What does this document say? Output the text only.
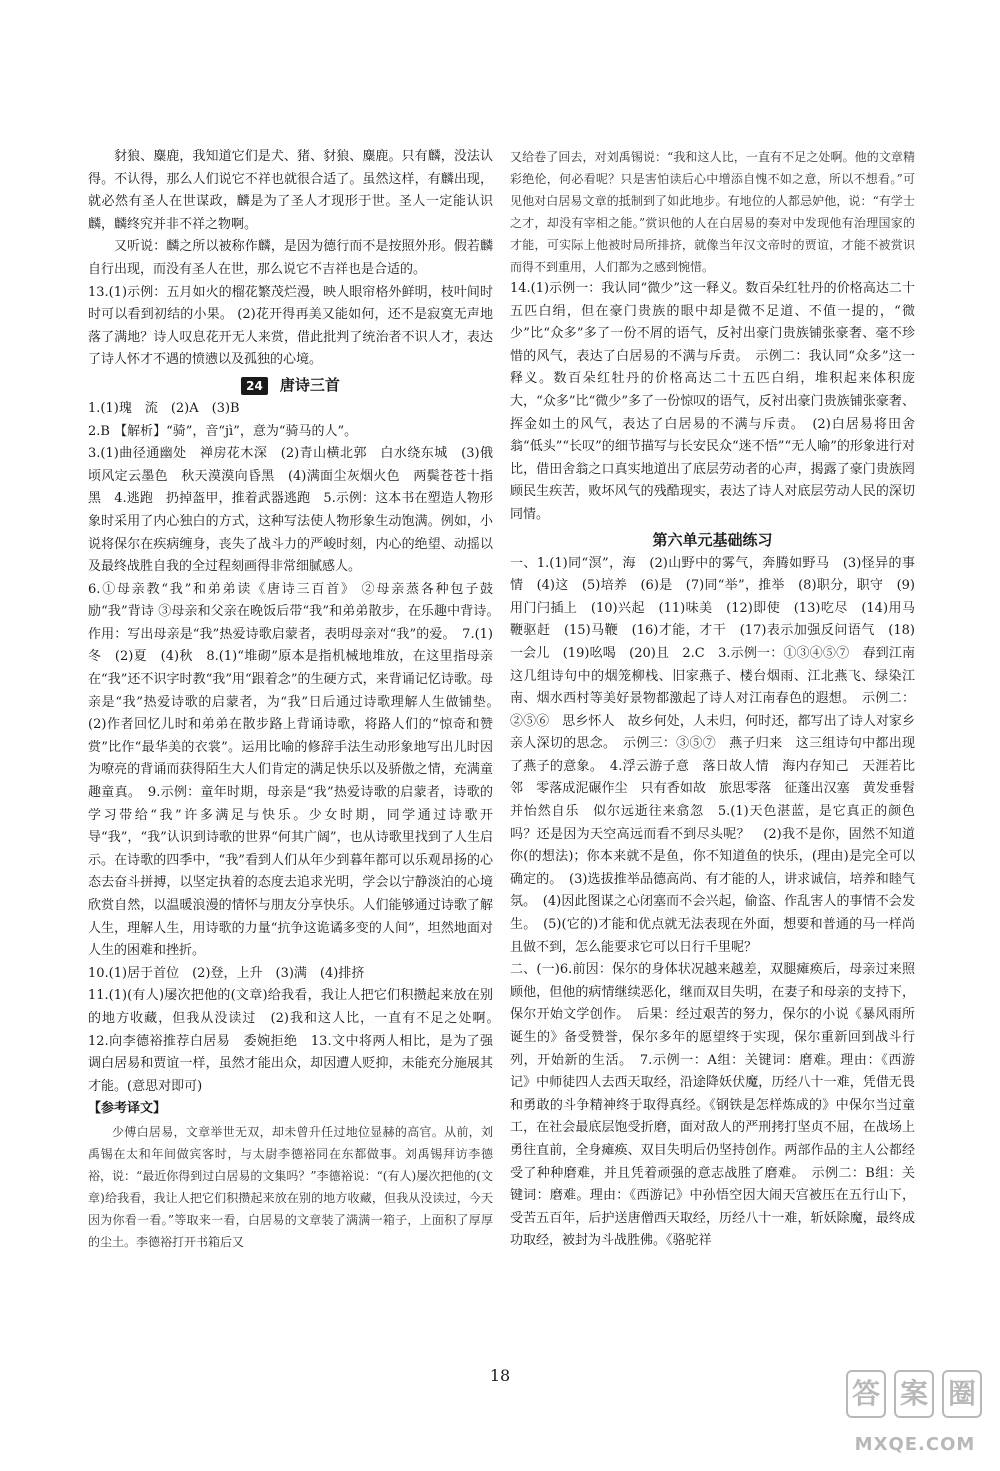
豺狼、麋鹿，我知道它们是犬、猪、豺狼、麋鹿。只有麟，没法认得。不认得，那么人们说它不祥也就很合适了。虽然这样，有麟出现，就必然有圣人在世谋政，麟是为了圣人才现形于世。圣人一定能认识麟，麟终究并非不祥之物啊。

又听说：麟之所以被称作麟，是因为德行而不是按照外形。假若麟自行出现，而没有圣人在世，那么说它不吉祥也是合适的。

13.(1)示例：五月如火的榴花繁茂烂漫，映人眼帘格外鲜明，枝叶间时时可以看到初结的小果。 (2)花开得再美又能如何，还不是寂寞无声地落了满地？诗人叹息花开无人来赏，借此批判了统治者不识人才，表达了诗人怀才不遇的愤懑以及孤独的心境。

24 唐诗三首

1.(1)瑰　流　(2)A　(3)B

2.B 【解析】“骑”，音“jì”，意为“骑马的人”。

3.(1)曲径通幽处　禅房花木深　(2)青山横北郭　白水绕东城　(3)俄顷风定云墨色　秋天漠漠向昏黑　(4)满面尘灰烟火色　两鬓苍苍十指黑　4.逃跑　扔掉盔甲，推着武器逃跑　5.示例：这本书在塑造人物形象时采用了内心独白的方式，这种写法使人物形象生动饱满。例如，小说将保尔在疾病缠身，丧失了战斗力的严峻时刻，内心的绝望、动摇以及最终战胜自我的全过程刻画得非常细腻感人。

6.①母亲教“我”和弟弟读《唐诗三百首》 ②母亲蒸各种包子鼓励“我”背诗 ③母亲和父亲在晚饭后带“我”和弟弟散步，在乐趣中背诗。　作用：写出母亲是“我”热爱诗歌启蒙者，表明母亲对“我”的爱。　7.(1)冬　(2)夏　(4)秋　8.(1)“堆砌”原本是指机械地堆放，在这里指母亲在“我”还不识字时教“我”用“跟着念”的生硬方式，来背诵记忆诗歌。母亲是“我”热爱诗歌的启蒙者，为“我”日后通过诗歌理解人生做铺垫。　(2)作者回忆儿时和弟弟在散步路上背诵诗歌，将路人们的“惊奇和赞赏”比作“最华美的衣裳”。运用比喻的修辞手法生动形象地写出儿时因为嘹亮的背诵而获得陌生大人们肯定的满足快乐以及骄傲之情，充满童趣童真。　9.示例：童年时期，母亲是“我”热爱诗歌的启蒙者，诗歌的学习带给“我”许多满足与快乐。少女时期，同学通过诗歌开导“我”，“我”认识到诗歌的世界“何其广阔”，也从诗歌里找到了人生启示。在诗歌的四季中，“我”看到人们从年少到暮年都可以乐观昂扬的心态去奋斗拼搏，以坚定执着的态度去追求光明，学会以宁静淡泊的心境欣赏自然，以温暖浪漫的情怀与朋友分享快乐。人们能够通过诗歌了解人生，理解人生，用诗歌的力量“抗争这诡谲多变的人间”，坦然地面对人生的困难和挫折。

10.(1)居于首位　(2)登，上升　(3)满　(4)排挤

11.(1)(有人)屡次把他的(文章)给我看，我让人把它们积攒起来放在别的地方收藏，但我从没读过　(2)我和这人比，一直有不足之处啊。　12.向李德裕推荐白居易　委婉拒绝　13.文中将两人相比，是为了强调白居易和贾谊一样，虽然才能出众，却因遭人贬抑，未能充分施展其才能。(意思对即可)

【参考译文】

少傅白居易，文章举世无双，却未曾升任过地位显赫的高官。从前，刘禹锡在太和年间做宾客时，与太尉李德裕同在东都做事。刘禹锡拜访李德裕，说：“最近你得到过白居易的文集吗？”李德裕说：“(有人)屡次把他的(文章)给我看，我让人把它们积攒起来放在别的地方收藏，但我从没读过，今天因为你看一看。”等取来一看，白居易的文章装了满满一箱子，上面积了厚厚的尘土。李德裕打开书箱后又

又给卷了回去，对刘禹锡说：“我和这人比，一直有不足之处啊。他的文章精彩绝伦，何必看呢？只是害怕读后心中增添自愧不如之意，所以不想看。”可见他对白居易文章的抵制到了如此地步。有地位的人都忌妒他，说：“有学士之才，却没有宰相之能。”赏识他的人在白居易的奏对中发现他有治理国家的才能，可实际上他被时局所排挤，就像当年汉文帝时的贾谊，才能不被赏识而得不到重用，人们都为之感到惋惜。

14.(1)示例一：我认同“微少”这一释义。数百朵红牡丹的价格高达二十五匹白绢，但在豪门贵族的眼中却是微不足道、不值一提的，“微少”比“众多”多了一份不屑的语气，反衬出豪门贵族铺张豪奢、毫不珍惜的风气，表达了白居易的不满与斥责。　示例二：我认同“众多”这一释义。数百朵红牡丹的价格高达二十五匹白绢，堆积起来体积庞大，“众多”比“微少”多了一份惊叹的语气，反衬出豪门贵族铺张豪奢、挥金如土的风气，表达了白居易的不满与斥责。　(2)白居易将田舍翁“低头”“长叹”的细节描写与长安民众“迷不悟”“无人喻”的形象进行对比，借田舍翁之口真实地道出了底层劳动者的心声，揭露了豪门贵族罔顾民生疾苦，败坏风气的残酷现实，表达了诗人对底层劳动人民的深切同情。

第六单元基础练习

一、1.(1)同“溟”，海　(2)山野中的雾气，奔腾如野马　(3)怪异的事情　(4)这　(5)培养　(6)是　(7)同“举”，推举　(8)职分，职守　(9)用门闩插上　(10)兴起　(11)味美　(12)即使　(13)吃尽　(14)用马鞭驱赶　(15)马鞭　(16)才能，才干　(17)表示加强反问语气　(18)一会儿　(19)吆喝　(20)且　2.C　3.示例一：①③④⑤⑦　春到江南　这几组诗句中的烟笼柳栈、旧家燕子、楼台烟雨、江北燕飞、绿染江南、烟水西村等美好景物都激起了诗人对江南春色的遐想。　示例二：②⑤⑥　思乡怀人　故乡何处，人未归，何时还，都写出了诗人对家乡亲人深切的思念。　示例三：③⑤⑦　燕子归来　这三组诗句中都出现了燕子的意象。　4.浮云游子意　落日故人情　海内存知己　天涯若比邻　零落成泥碾作尘　只有香如故　旅思零落　征蓬出汉塞　黄发垂髫　并怡然自乐　似尔远逝往来翕忽　5.(1)天色湛蓝，是它真正的颜色吗？还是因为天空高远而看不到尽头呢？　(2)我不是你，固然不知道你(的想法)；你本来就不是鱼，你不知道鱼的快乐，(理由)是完全可以确定的。　(3)选拔推举品德高尚、有才能的人，讲求诚信，培养和睦气氛。　(4)因此图谋之心闭塞而不会兴起，偷盗、作乱害人的事情不会发生。　(5)(它的)才能和优点就无法表现在外面，想要和普通的马一样尚且做不到，怎么能要求它可以日行千里呢？

二、(一)6.前因：保尔的身体状况越来越差，双腿瘫痪后，母亲过来照顾他，但他的病情继续恶化，继而双目失明，在妻子和母亲的支持下，保尔开始文学创作。　后果：经过艰苦的努力，保尔的小说《暴风雨所诞生的》备受赞誉，保尔多年的愿望终于实现，保尔重新回到战斗行列，开始新的生活。　7.示例一：A组：关键词：磨难。理由：《西游记》中师徒四人去西天取经，沿途降妖伏魔，历经八十一难，凭借无畏和勇敢的斗争精神终于取得真经。《钢铁是怎样炼成的》中保尔当过童工，在社会最底层饱受折磨，面对敌人的严刑拷打坚贞不屈，在战场上勇往直前，全身瘫痪、双目失明后仍坚持创作。两部作品的主人公都经受了种种磨难，并且凭着顽强的意志战胜了磨难。　示例二：B组：关键词：磨难。理由：《西游记》中孙悟空因大闹天宫被压在五行山下，受苦五百年，后护送唐僧西天取经，历经八十一难，斩妖除魔，最终成功取经，被封为斗战胜佛。《骆驼祥

18
答 案 圈
MXQE.COM
